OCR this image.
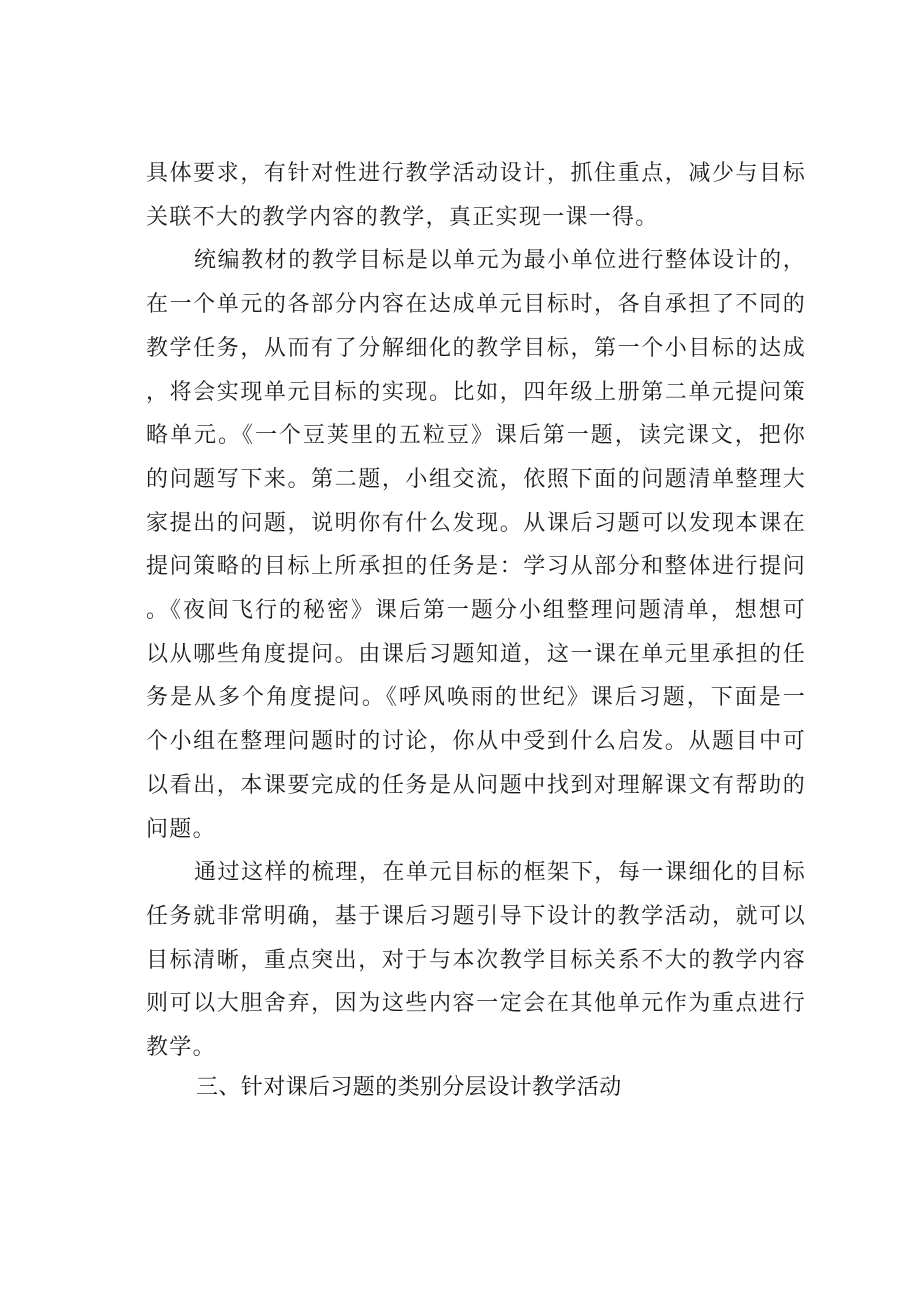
具体要求，有针对性进行教学活动设计，抓住重点，减少与目标关联不大的教学内容的教学，真正实现一课一得。

统编教材的教学目标是以单元为最小单位进行整体设计的，在一个单元的各部分内容在达成单元目标时，各自承担了不同的教学任务，从而有了分解细化的教学目标，第一个小目标的达成，将会实现单元目标的实现。比如，四年级上册第二单元提问策略单元。《一个豆荚里的五粒豆》课后第一题，读完课文，把你的问题写下来。第二题，小组交流，依照下面的问题清单整理大家提出的问题，说明你有什么发现。从课后习题可以发现本课在提问策略的目标上所承担的任务是：学习从部分和整体进行提问。《夜间飞行的秘密》课后第一题分小组整理问题清单，想想可以从哪些角度提问。由课后习题知道，这一课在单元里承担的任务是从多个角度提问。《呼风唤雨的世纪》课后习题，下面是一个小组在整理问题时的讨论，你从中受到什么启发。从题目中可以看出，本课要完成的任务是从问题中找到对理解课文有帮助的问题。

通过这样的梳理，在单元目标的框架下，每一课细化的目标任务就非常明确，基于课后习题引导下设计的教学活动，就可以目标清晰，重点突出，对于与本次教学目标关系不大的教学内容则可以大胆舍弃，因为这些内容一定会在其他单元作为重点进行教学。

三、针对课后习题的类别分层设计教学活动
